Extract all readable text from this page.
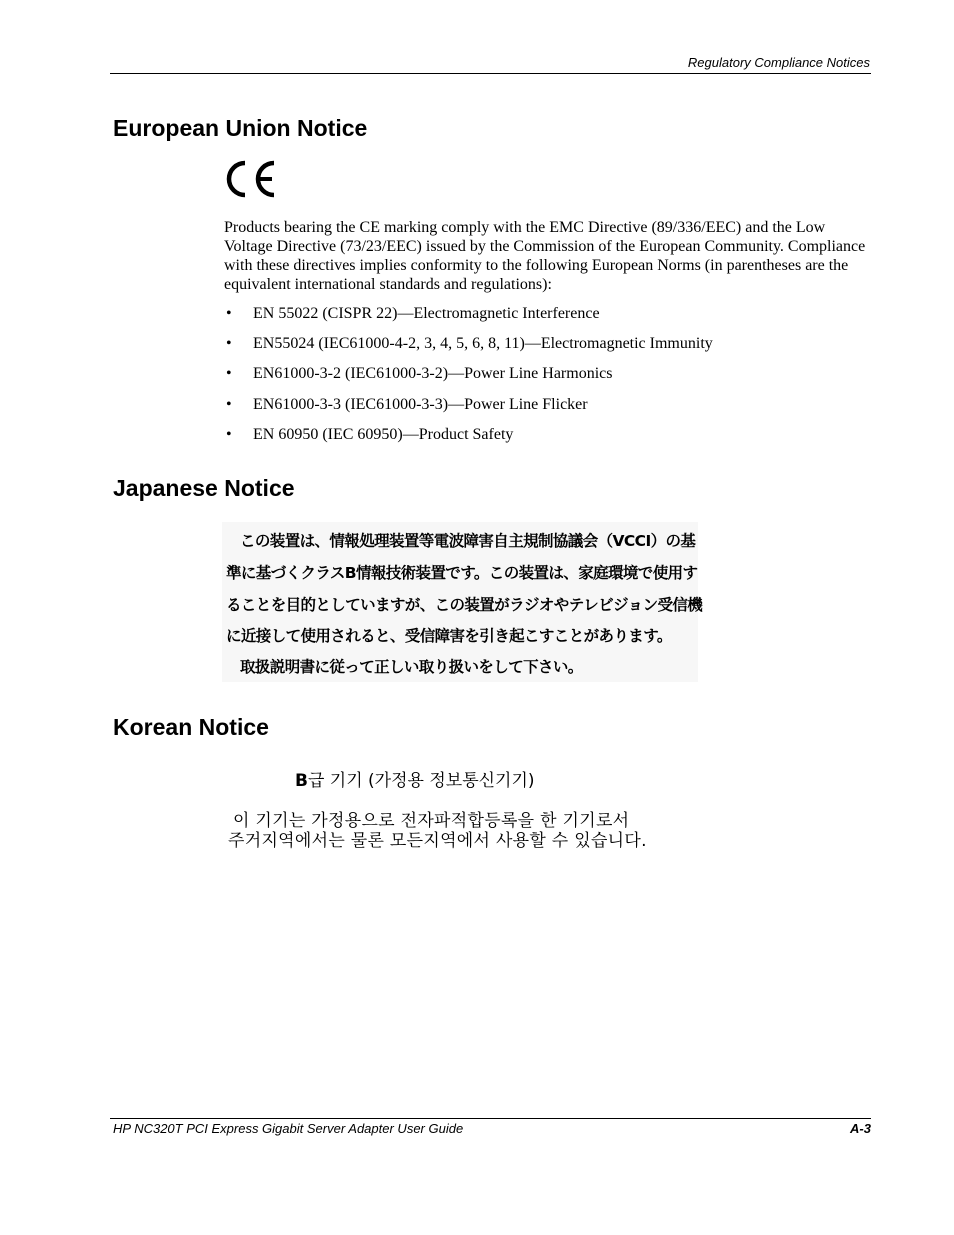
Regulatory Compliance Notices
European Union Notice

Products bearing the CE marking comply with the EMC Directive (89/336/EEC) and the Low Voltage Directive (73/23/EEC) issued by the Commission of the European Community. Compliance with these directives implies conformity to the following European Norms (in parentheses are the equivalent international standards and regulations):

• EN 55022 (CISPR 22)—Electromagnetic Interference
• EN55024 (IEC61000-4-2, 3, 4, 5, 6, 8, 11)—Electromagnetic Immunity
• EN61000-3-2 (IEC61000-3-2)—Power Line Harmonics
• EN61000-3-3 (IEC61000-3-3)—Power Line Flicker
• EN 60950 (IEC 60950)—Product Safety
Japanese Notice
この装置は、情報処理装置等電波障害自主規制協議会（VCCI）の基
準に基づくクラスB情報技術装置です。この装置は、家庭環境で使用す
ることを目的としていますが、この装置がラジオやテレビジョン受信機
に近接して使用されると、受信障害を引き起こすことがあります。
取扱説明書に従って正しい取り扱いをして下さい。
Korean Notice
B급 기기 (가정용 정보통신기기)
이 기기는 가정용으로 전자파적합등록을 한 기기로서
주거지역에서는 물론 모든지역에서 사용할 수 있습니다.
HP NC320T PCI Express Gigabit Server Adapter User Guide	A-3
